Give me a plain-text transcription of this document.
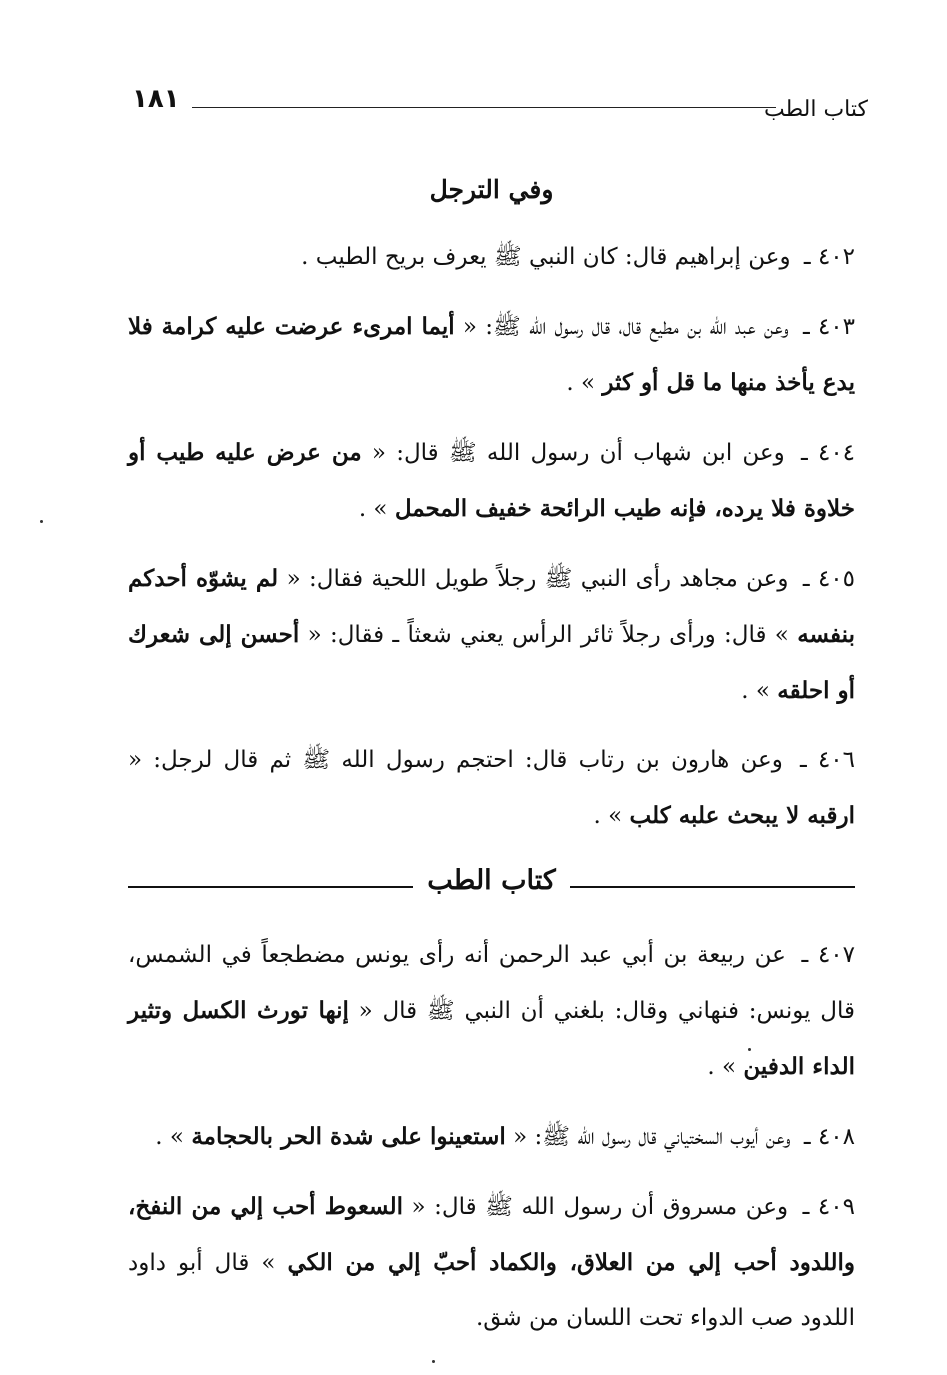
كتاب الطب
١٨١
وفي الترجل

٤٠٢ ـ وعن إبراهيم قال: كان النبي ﷺ يعرف بريح الطيب .

٤٠٣ ـ وعن عبد الله بن مطيع قال، قال رسول الله ﷺ: « أيما امرىء عرضت عليه كرامة فلا يدع يأخذ منها ما قل أو كثر » .

٤٠٤ ـ وعن ابن شهاب أن رسول الله ﷺ قال: « من عرض عليه طيب أو خلاوة فلا يرده، فإنه طيب الرائحة خفيف المحمل » .

٤٠٥ ـ وعن مجاهد رأى النبي ﷺ رجلاً طويل اللحية فقال: « لم يشوّه أحدكم بنفسه » قال: ورأى رجلاً ثائر الرأس يعني شعثاً ـ فقال: « أحسن إلى شعرك أو احلقه » .

٤٠٦ ـ وعن هارون بن رتاب قال: احتجم رسول الله ﷺ ثم قال لرجل: « ارقبه لا يبحث علبه كلب » .

كتاب الطب

٤٠٧ ـ عن ربيعة بن أبي عبد الرحمن أنه رأى يونس مضطجعاً في الشمس، قال يونس: فنهاني وقال: بلغني أن النبي ﷺ قال « إنها تورث الكسل وتثير الداء الدفين » .

٤٠٨ ـ وعن أيوب السختياني قال رسول الله ﷺ: « استعينوا على شدة الحر بالحجامة » .

٤٠٩ ـ وعن مسروق أن رسول الله ﷺ قال: « السعوط أحب إلي من النفخ، واللدود أحب إلي من العلاق، والكماد أحبّ إلي من الكي » قال أبو داود اللدود صب الدواء تحت اللسان من شق.
